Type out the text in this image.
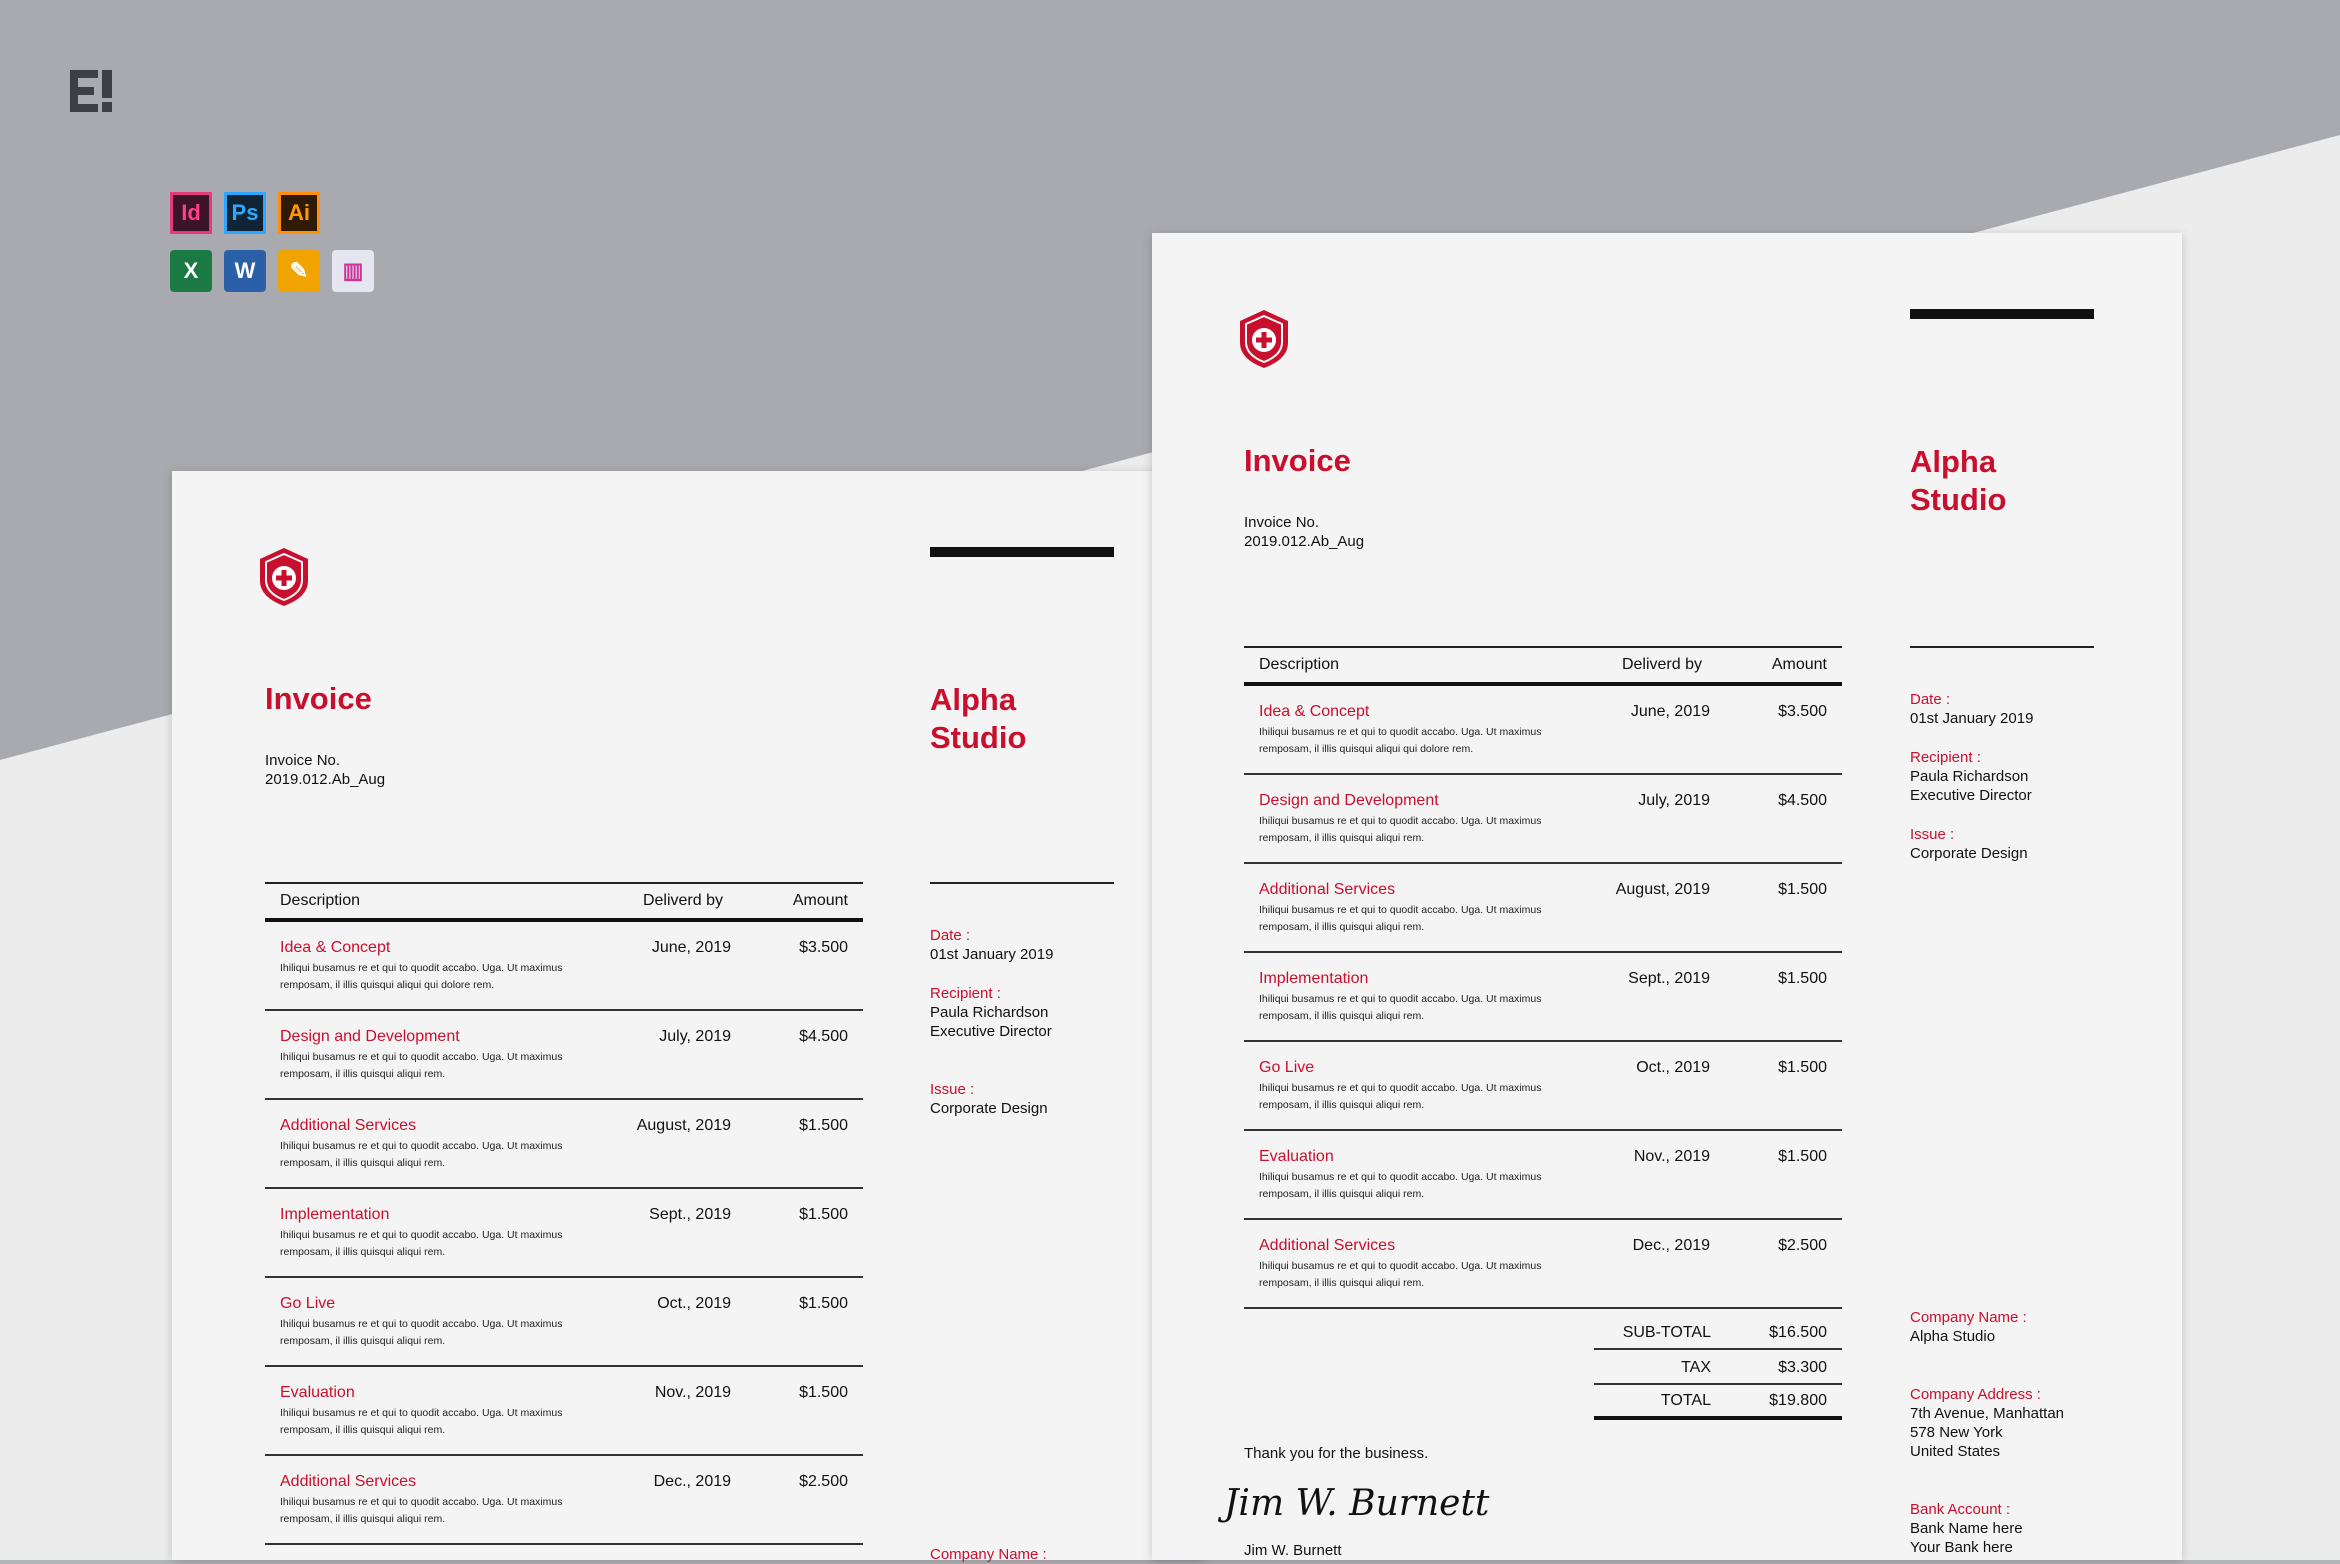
Id	Ps	Ai
X	W	✎	▥
Invoice
Invoice No.
2019.012.Ab_Aug
Alpha
Studio
Date :
01st January 2019
Recipient :
Paula Richardson
Executive Director
Issue :
Corporate Design
Company Name :
Description	Deliverd by	Amount
Idea & Concept
Ihiliqui busamus re et qui to quodit accabo. Uga. Ut maximus remposam, il illis quisqui aliqui qui dolore rem.
June, 2019	$3.500
Design and Development
Ihiliqui busamus re et qui to quodit accabo. Uga. Ut maximus remposam, il illis quisqui aliqui rem.
July, 2019	$4.500
Additional Services
Ihiliqui busamus re et qui to quodit accabo. Uga. Ut maximus remposam, il illis quisqui aliqui rem.
August, 2019	$1.500
Implementation
Ihiliqui busamus re et qui to quodit accabo. Uga. Ut maximus remposam, il illis quisqui aliqui rem.
Sept., 2019	$1.500
Go Live
Ihiliqui busamus re et qui to quodit accabo. Uga. Ut maximus remposam, il illis quisqui aliqui rem.
Oct., 2019	$1.500
Evaluation
Ihiliqui busamus re et qui to quodit accabo. Uga. Ut maximus remposam, il illis quisqui aliqui rem.
Nov., 2019	$1.500
Additional Services
Ihiliqui busamus re et qui to quodit accabo. Uga. Ut maximus remposam, il illis quisqui aliqui rem.
Dec., 2019	$2.500
Invoice
Invoice No.
2019.012.Ab_Aug
Alpha
Studio
Date :
01st January 2019
Recipient :
Paula Richardson
Executive Director
Issue :
Corporate Design
Company Name :
Alpha Studio
Company Address :
7th Avenue, Manhattan
578 New York
United States
Bank Account :
Bank Name here
Your Bank here
Description	Deliverd by	Amount
Idea & Concept
Ihiliqui busamus re et qui to quodit accabo. Uga. Ut maximus remposam, il illis quisqui aliqui qui dolore rem.
June, 2019	$3.500
Design and Development
Ihiliqui busamus re et qui to quodit accabo. Uga. Ut maximus remposam, il illis quisqui aliqui rem.
July, 2019	$4.500
Additional Services
Ihiliqui busamus re et qui to quodit accabo. Uga. Ut maximus remposam, il illis quisqui aliqui rem.
August, 2019	$1.500
Implementation
Ihiliqui busamus re et qui to quodit accabo. Uga. Ut maximus remposam, il illis quisqui aliqui rem.
Sept., 2019	$1.500
Go Live
Ihiliqui busamus re et qui to quodit accabo. Uga. Ut maximus remposam, il illis quisqui aliqui rem.
Oct., 2019	$1.500
Evaluation
Ihiliqui busamus re et qui to quodit accabo. Uga. Ut maximus remposam, il illis quisqui aliqui rem.
Nov., 2019	$1.500
Additional Services
Ihiliqui busamus re et qui to quodit accabo. Uga. Ut maximus remposam, il illis quisqui aliqui rem.
Dec., 2019	$2.500
SUB-TOTAL	$16.500
TAX	$3.300
TOTAL	$19.800
Thank you for the business.
Jim W. Burnett
Jim W. Burnett
